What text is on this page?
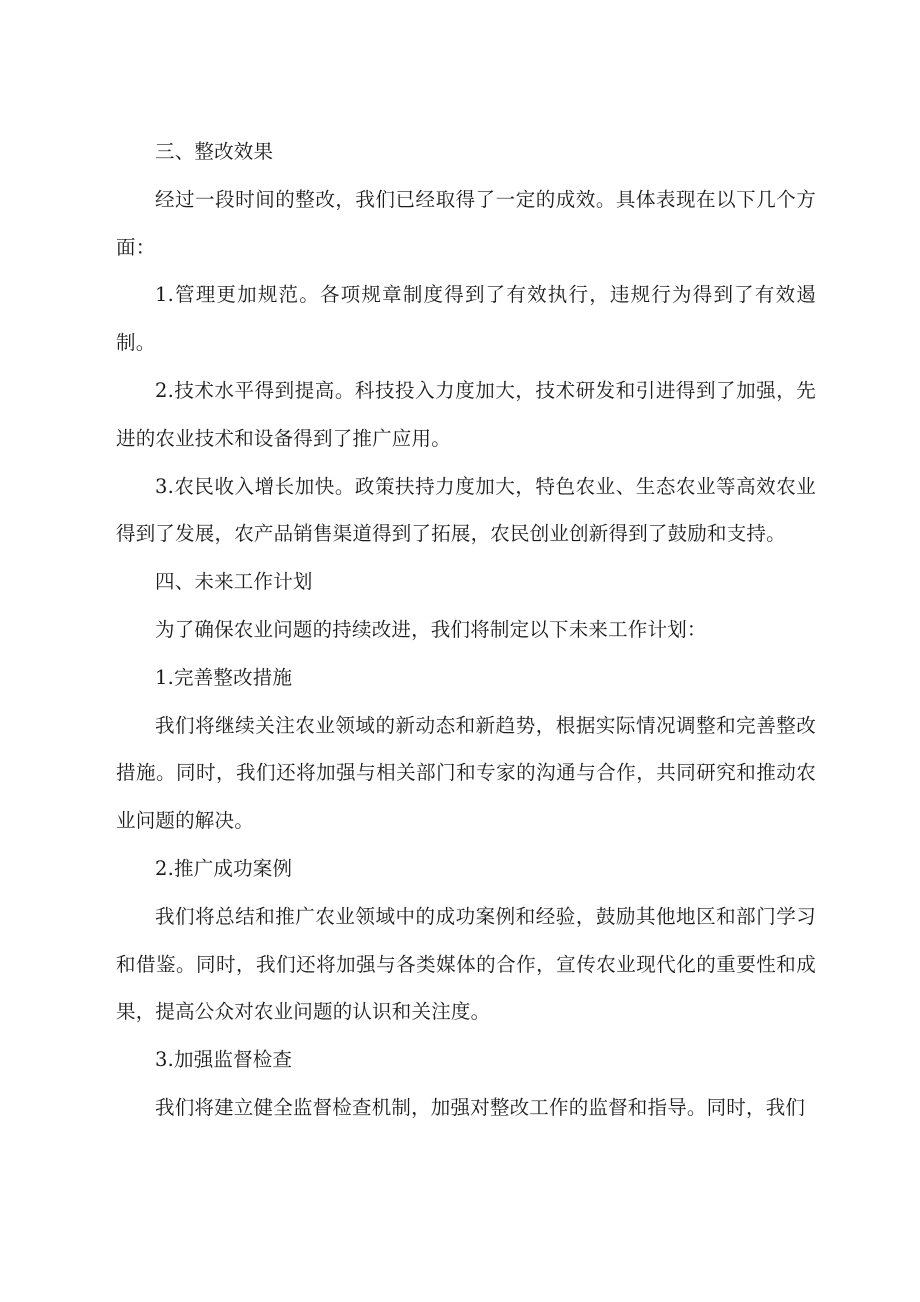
三、整改效果

经过一段时间的整改，我们已经取得了一定的成效。具体表现在以下几个方面：

1.管理更加规范。各项规章制度得到了有效执行，违规行为得到了有效遏制。

2.技术水平得到提高。科技投入力度加大，技术研发和引进得到了加强，先进的农业技术和设备得到了推广应用。

3.农民收入增长加快。政策扶持力度加大，特色农业、生态农业等高效农业得到了发展，农产品销售渠道得到了拓展，农民创业创新得到了鼓励和支持。

四、未来工作计划

为了确保农业问题的持续改进，我们将制定以下未来工作计划：

1.完善整改措施

我们将继续关注农业领域的新动态和新趋势，根据实际情况调整和完善整改措施。同时，我们还将加强与相关部门和专家的沟通与合作，共同研究和推动农业问题的解决。

2.推广成功案例

我们将总结和推广农业领域中的成功案例和经验，鼓励其他地区和部门学习和借鉴。同时，我们还将加强与各类媒体的合作，宣传农业现代化的重要性和成果，提高公众对农业问题的认识和关注度。

3.加强监督检查

我们将建立健全监督检查机制，加强对整改工作的监督和指导。同时，我们
